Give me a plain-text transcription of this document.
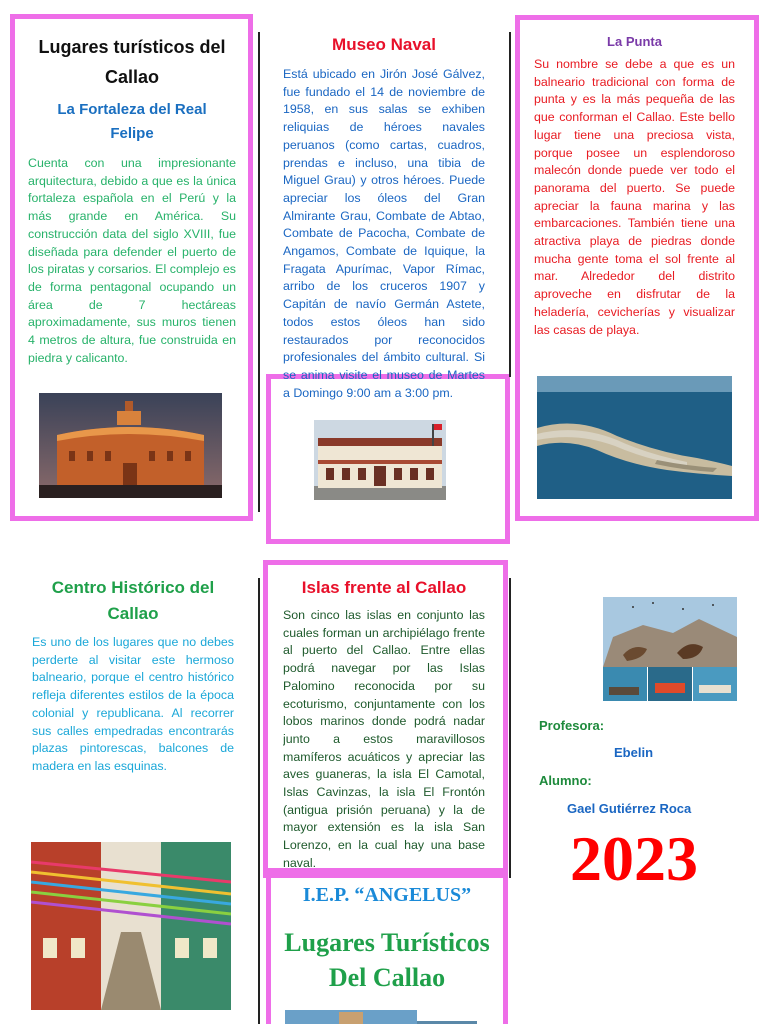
Lugares turísticos del Callao
La Fortaleza del Real Felipe
Cuenta con una impresionante arquitectura, debido a que es la única fortaleza española en el Perú y la más grande en América. Su construcción data del siglo XVIII, fue diseñada para defender el puerto de los piratas y corsarios. El complejo es de forma pentagonal ocupando un área de 7 hectáreas aproximadamente, sus muros tienen 4 metros de altura, fue construida en piedra y calicanto.
Museo Naval
Está ubicado en Jirón José Gálvez, fue fundado el 14 de noviembre de 1958, en sus salas se exhiben reliquias de héroes navales peruanos (como cartas, cuadros, prendas e incluso, una tibia de Miguel Grau) y otros héroes. Puede apreciar los óleos del Gran Almirante Grau, Combate de Abtao, Combate de Pacocha, Combate de Angamos, Combate de Iquique, la Fragata Apurímac, Vapor Rímac, arribo de los cruceros 1907 y Capitán de navío Germán Astete, todos estos óleos han sido restaurados por reconocidos profesionales del ámbito cultural. Si se anima visite el museo de Martes a Domingo 9:00 am a 3:00 pm.
La Punta
Su nombre se debe a que es un balneario tradicional con forma de punta y es la más pequeña de las que conforman el Callao. Este bello lugar tiene una preciosa vista, porque posee un esplendoroso malecón donde puede ver todo el panorama del puerto. Se puede apreciar la fauna marina y las embarcaciones. También tiene una atractiva playa de piedras donde mucha gente toma el sol frente al mar. Alrededor del distrito aproveche en disfrutar de la heladería, cevicherías y visualizar las casas de playa.
Centro Histórico del Callao
Es uno de los lugares que no debes perderte al visitar este hermoso balneario, porque el centro histórico refleja diferentes estilos de la época colonial y republicana. Al recorrer sus calles empedradas encontrarás plazas pintorescas, balcones de madera en las esquinas.
Islas frente al Callao
Son cinco las islas en conjunto las cuales forman un archipiélago frente al puerto del Callao. Entre ellas podrá navegar por las Islas Palomino reconocida por su ecoturismo, conjuntamente con los lobos marinos donde podrá nadar junto a estos maravillosos mamíferos acuáticos y apreciar las aves guaneras, la isla El Camotal, Islas Cavinzas, la isla El Frontón (antigua prisión peruana) y la de mayor extensión es la isla San Lorenzo, en la cual hay una base naval.
I.E.P. “ANGELUS”
Lugares Turísticos Del Callao
Profesora:
Ebelin
Alumno:
Gael Gutiérrez Roca
2023
